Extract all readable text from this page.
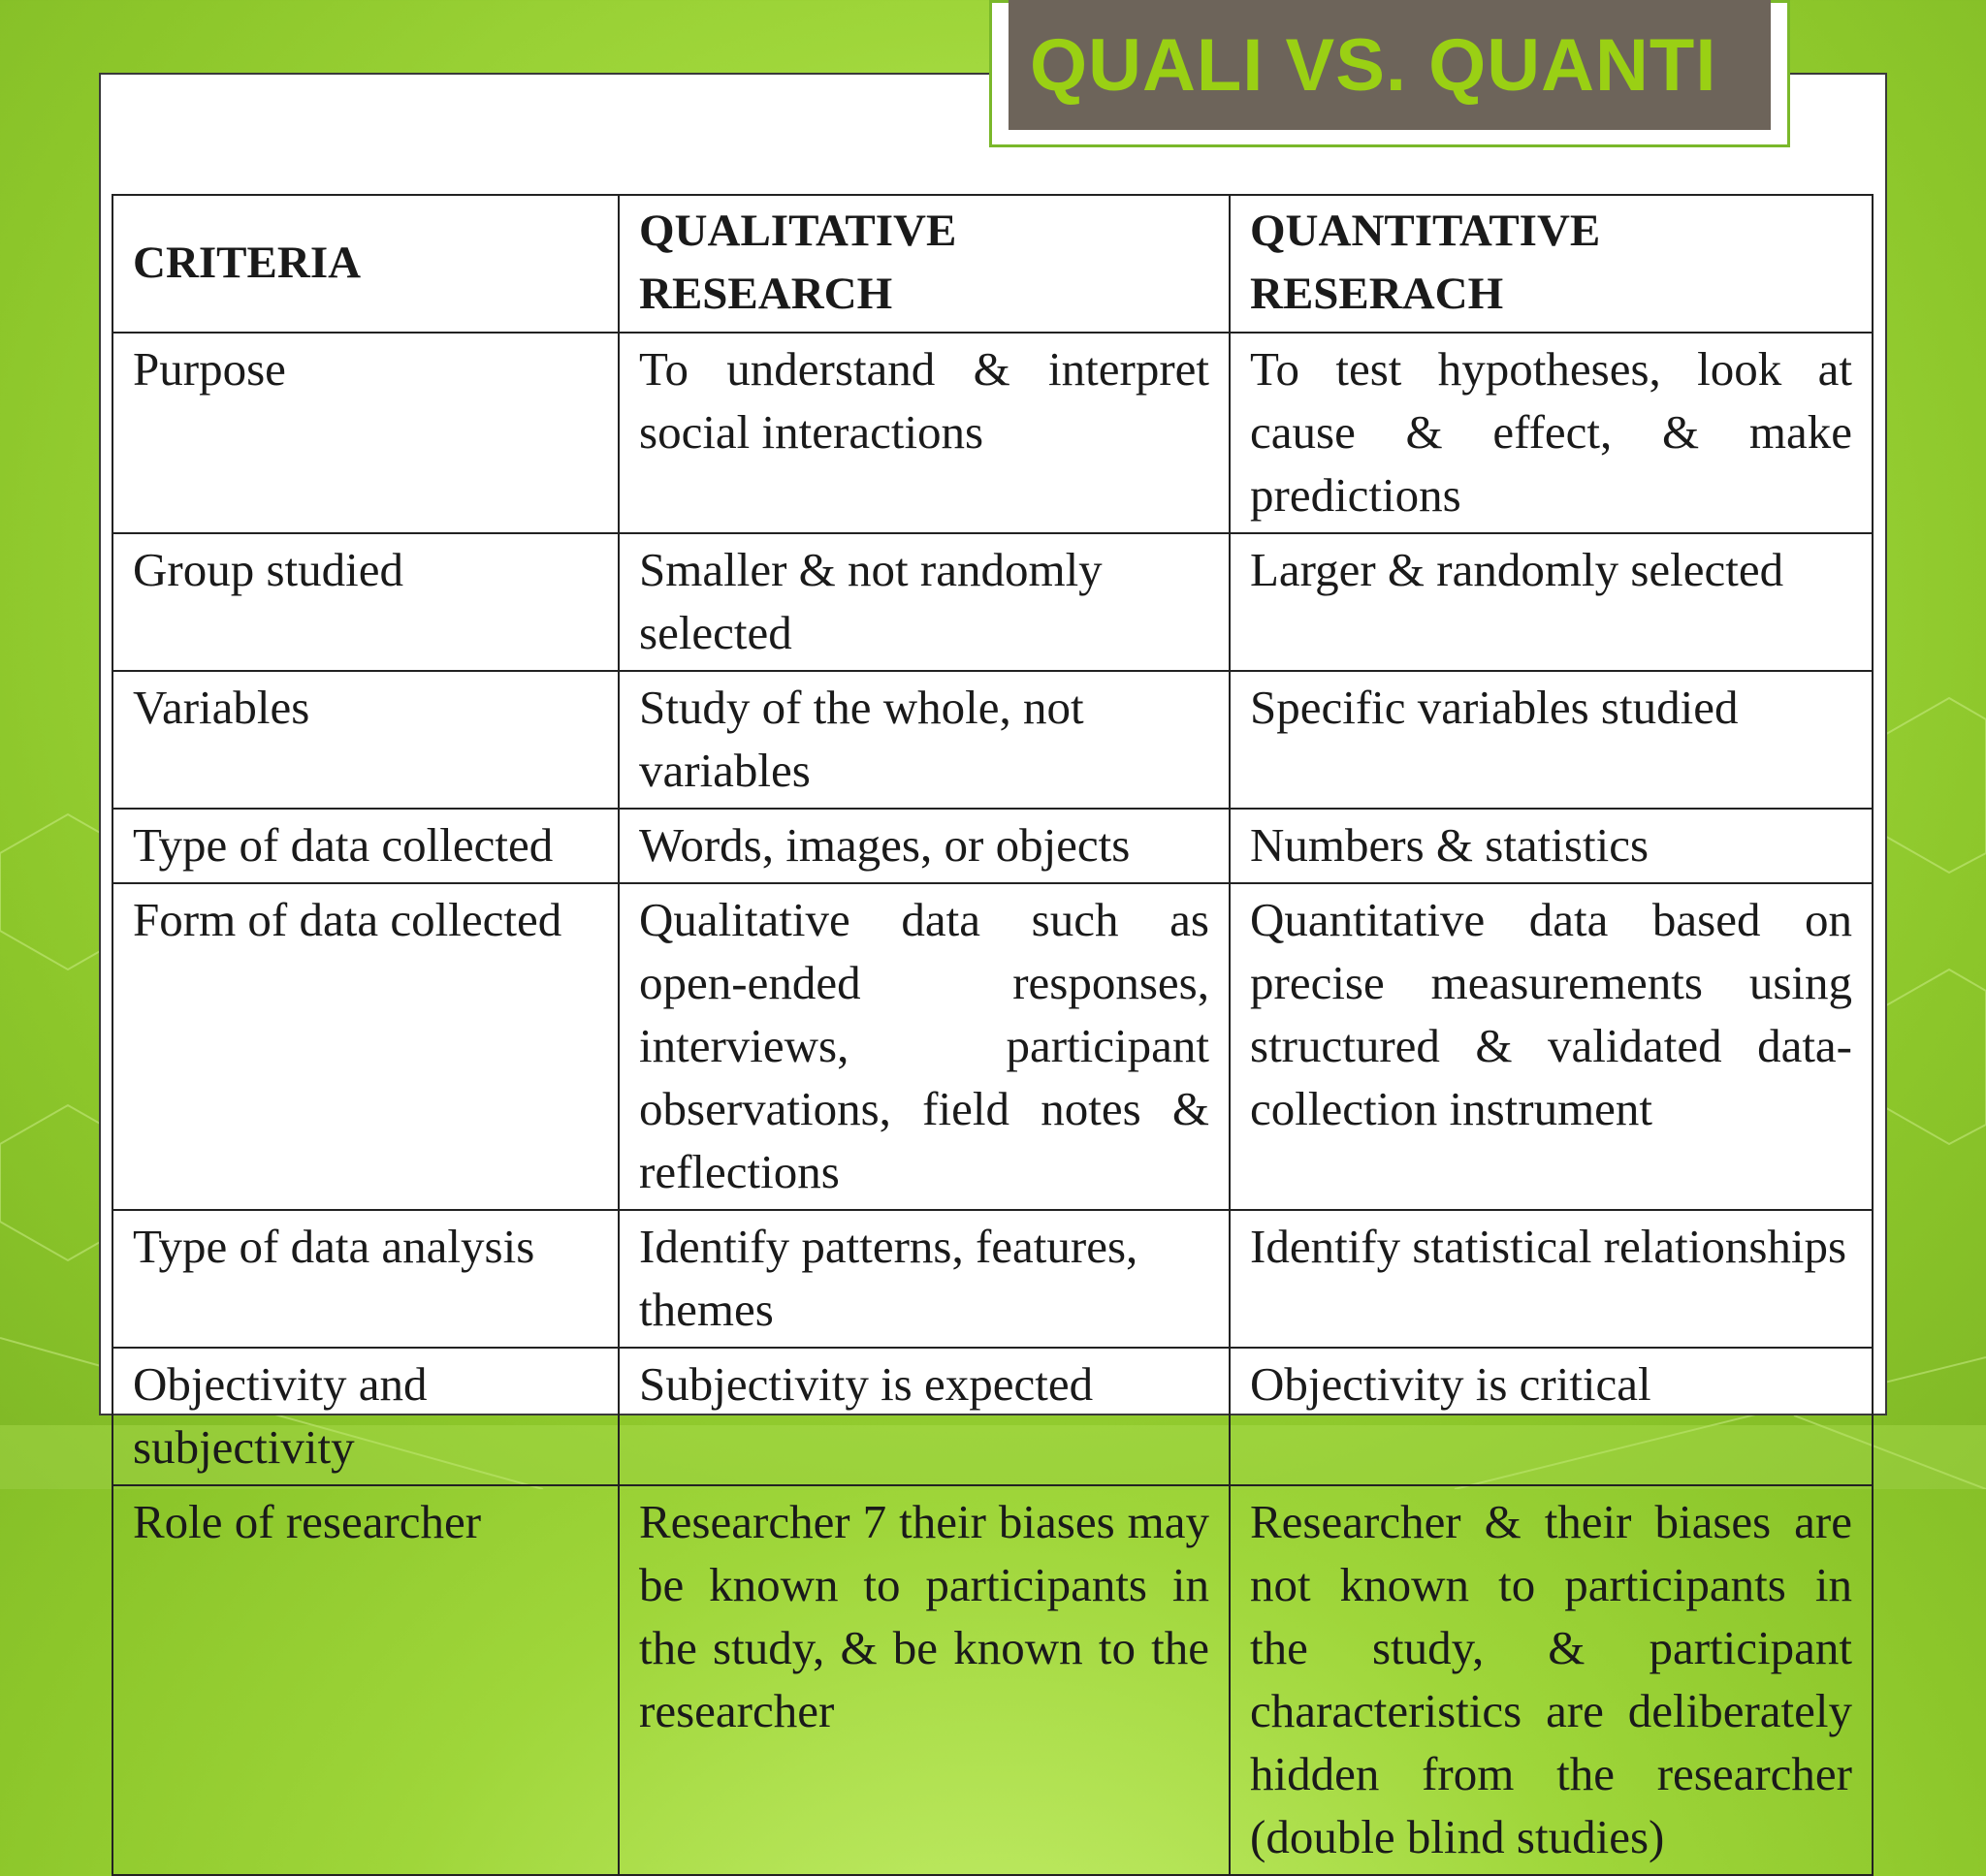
QUALI VS. QUANTI
CRITERIA	QUALITATIVE RESEARCH	QUANTITATIVE RESERACH
Purpose	To understand & interpret social interactions	To test hypotheses, look at cause & effect, & make predictions
Group studied	Smaller & not randomly selected	Larger & randomly selected
Variables	Study of the whole, not variables	Specific variables studied
Type of data collected	Words, images, or objects	Numbers & statistics
Form of data collected	Qualitative data such as open-ended responses, interviews, participant observations, field notes & reflections	Quantitative data based on precise measurements using structured & validated data-collection instrument
Type of data analysis	Identify patterns, features, themes	Identify statistical relationships
Objectivity and subjectivity	Subjectivity is expected	Objectivity is critical
Role of researcher	Researcher 7 their biases may be known to participants in the study, & be known to the researcher	Researcher & their biases are not known to participants in the study, & participant characteristics are deliberately hidden from the researcher (double blind studies)
